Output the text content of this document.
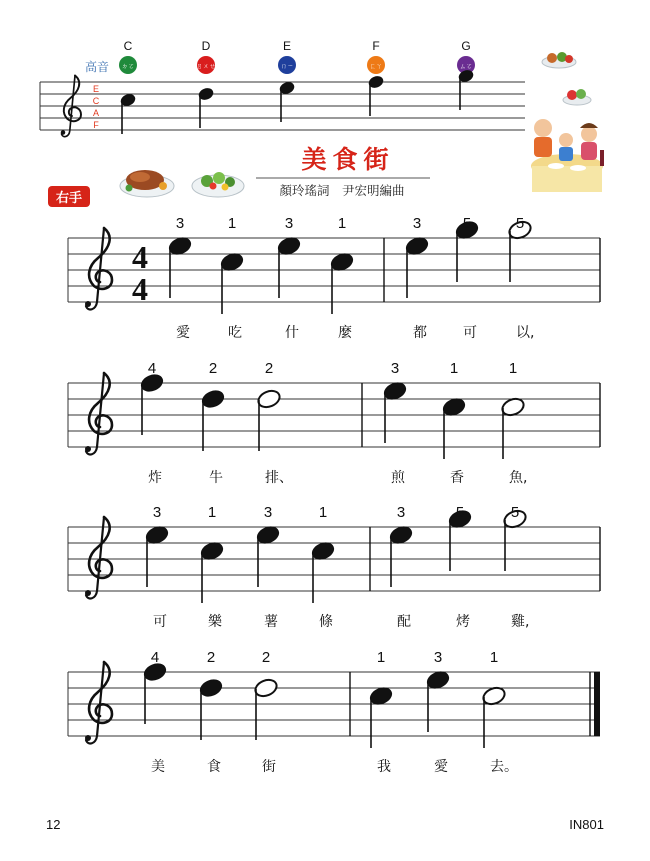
高音
E
C
A
F
C
ㄉㄛ
D
ㄖㄨㄝ
E
ㄇㄧ
F
ㄈㄚ
G
ㄙㄛ
美食街
顏玲瑤詞　尹宏明編曲
右手
4
4
3
愛
1
吃
3
什
1
麼
3
都
5
可
5
以,
4
炸
2
牛
2
排、
3
煎
1
香
1
魚,
3
可
1
樂
3
薯
1
條
3
配
5
烤
5
雞,
4
美
2
食
2
街
1
我
3
愛
1
去。
12	IN801
